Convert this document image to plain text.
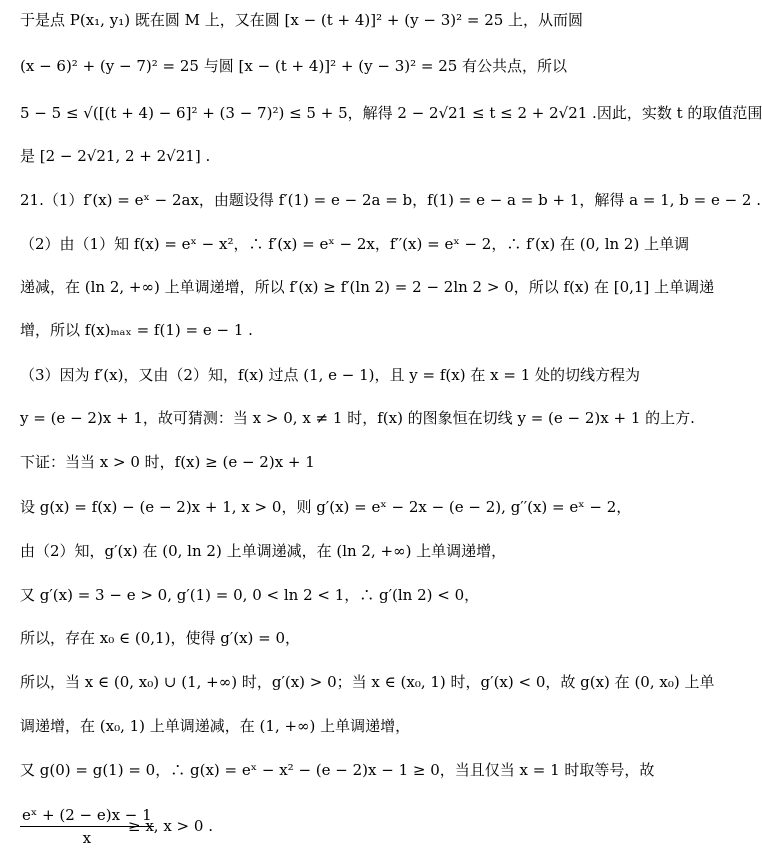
于是点 P(x₁, y₁) 既在圆 M 上，又在圆 [x − (t + 4)]² + (y − 3)² = 25 上，从而圆
(x − 6)² + (y − 7)² = 25 与圆 [x − (t + 4)]² + (y − 3)² = 25 有公共点，所以
5 − 5 ≤ √([(t + 4) − 6]² + (3 − 7)²) ≤ 5 + 5，解得 2 − 2√21 ≤ t ≤ 2 + 2√21 .因此，实数 t 的取值范围
是 [2 − 2√21, 2 + 2√21] .
21.（1）f′(x) = eˣ − 2ax，由题设得 f′(1) = e − 2a = b，f(1) = e − a = b + 1，解得 a = 1, b = e − 2 .
（2）由（1）知 f(x) = eˣ − x²，∴ f′(x) = eˣ − 2x，f′′(x) = eˣ − 2，∴ f′(x) 在 (0, ln 2) 上单调
递减，在 (ln 2, +∞) 上单调递增，所以 f′(x) ≥ f′(ln 2) = 2 − 2ln 2 > 0，所以 f(x) 在 [0,1] 上单调递
增，所以 f(x)ₘₐₓ = f(1) = e − 1 .
（3）因为 f′(x)，又由（2）知，f(x) 过点 (1, e − 1)，且 y = f(x) 在 x = 1 处的切线方程为
y = (e − 2)x + 1，故可猜测：当 x > 0, x ≠ 1 时，f(x) 的图象恒在切线 y = (e − 2)x + 1 的上方.
下证：当当 x > 0 时，f(x) ≥ (e − 2)x + 1
设 g(x) = f(x) − (e − 2)x + 1, x > 0，则 g′(x) = eˣ − 2x − (e − 2), g′′(x) = eˣ − 2，
由（2）知，g′(x) 在 (0, ln 2) 上单调递减，在 (ln 2, +∞) 上单调递增，
又 g′(x) = 3 − e > 0, g′(1) = 0, 0 < ln 2 < 1，∴ g′(ln 2) < 0，
所以，存在 x₀ ∈ (0,1)，使得 g′(x) = 0，
所以，当 x ∈ (0, x₀) ∪ (1, +∞) 时，g′(x) > 0；当 x ∈ (x₀, 1) 时，g′(x) < 0，故 g(x) 在 (0, x₀) 上单
调递增，在 (x₀, 1) 上单调递减，在 (1, +∞) 上单调递增，
又 g(0) = g(1) = 0，∴ g(x) = eˣ − x² − (e − 2)x − 1 ≥ 0，当且仅当 x = 1 时取等号，故
$\frac{\text{eˣ + (2 − e)x − 1}}{x}$
≥ x, x > 0 .
